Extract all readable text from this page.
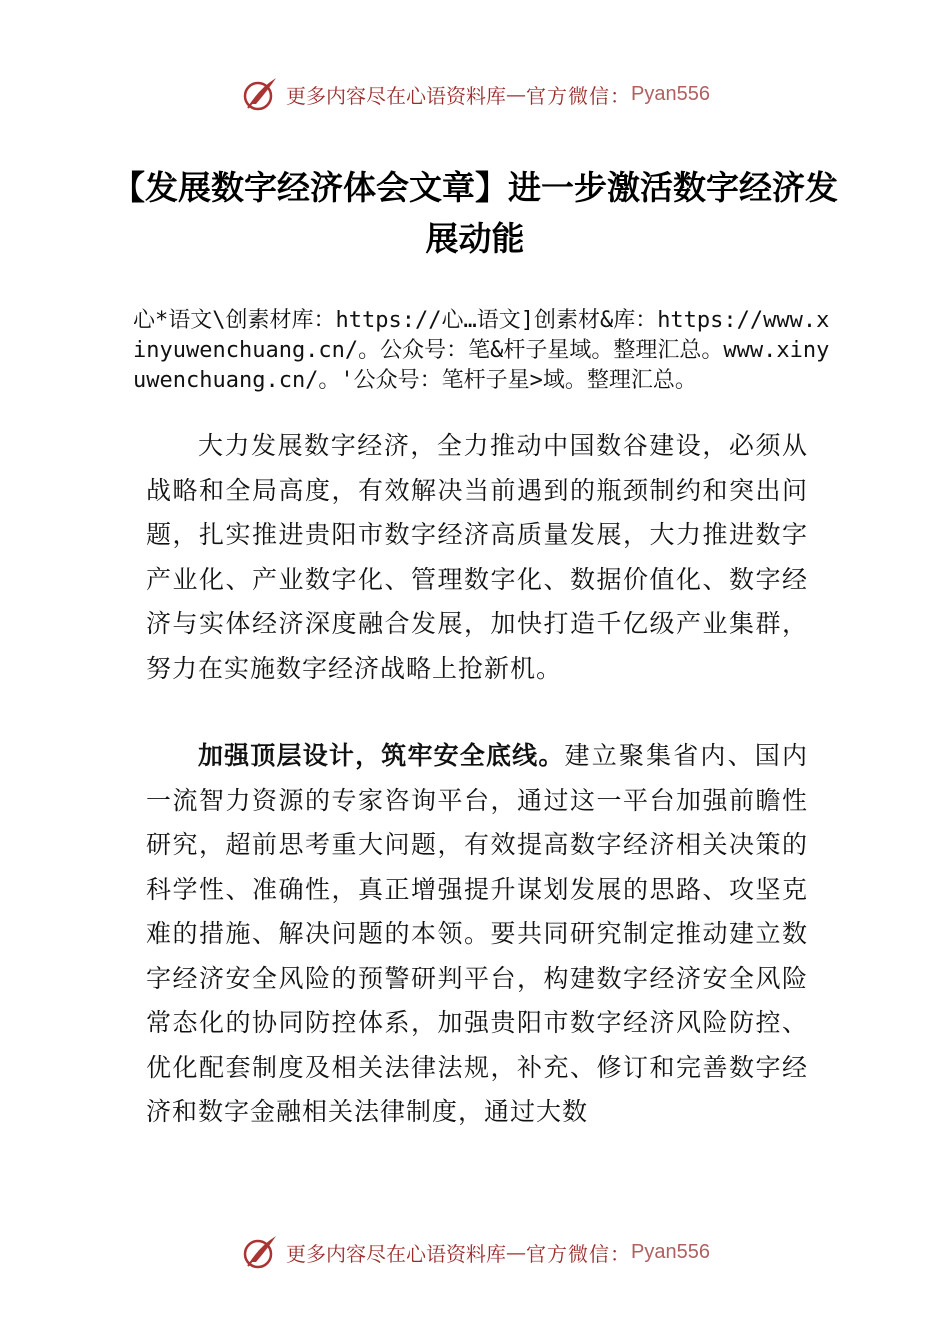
更多内容尽在心语资料库 — 官方微信： Pyan556
【发展数字经济体会文章】进一步激活数字经济发展动能

心*语文\创素材库：https://心…语文]创素材&库：https://www.xinyuwenchuang.cn/。公众号：笔&杆子星域。整理汇总。www.xinyuwenchuang.cn/。'公众号：笔杆子星>域。整理汇总。

大力发展数字经济，全力推动中国数谷建设，必须从战略和全局高度，有效解决当前遇到的瓶颈制约和突出问题，扎实推进贵阳市数字经济高质量发展，大力推进数字产业化、产业数字化、管理数字化、数据价值化、数字经济与实体经济深度融合发展，加快打造千亿级产业集群，努力在实施数字经济战略上抢新机。

加强顶层设计，筑牢安全底线。建立聚集省内、国内一流智力资源的专家咨询平台，通过这一平台加强前瞻性研究，超前思考重大问题，有效提高数字经济相关决策的科学性、准确性，真正增强提升谋划发展的思路、攻坚克难的措施、解决问题的本领。要共同研究制定推动建立数字经济安全风险的预警研判平台，构建数字经济安全风险常态化的协同防控体系，加强贵阳市数字经济风险防控、优化配套制度及相关法律法规，补充、修订和完善数字经济和数字金融相关法律制度，通过大数

更多内容尽在心语资料库 — 官方微信： Pyan556
